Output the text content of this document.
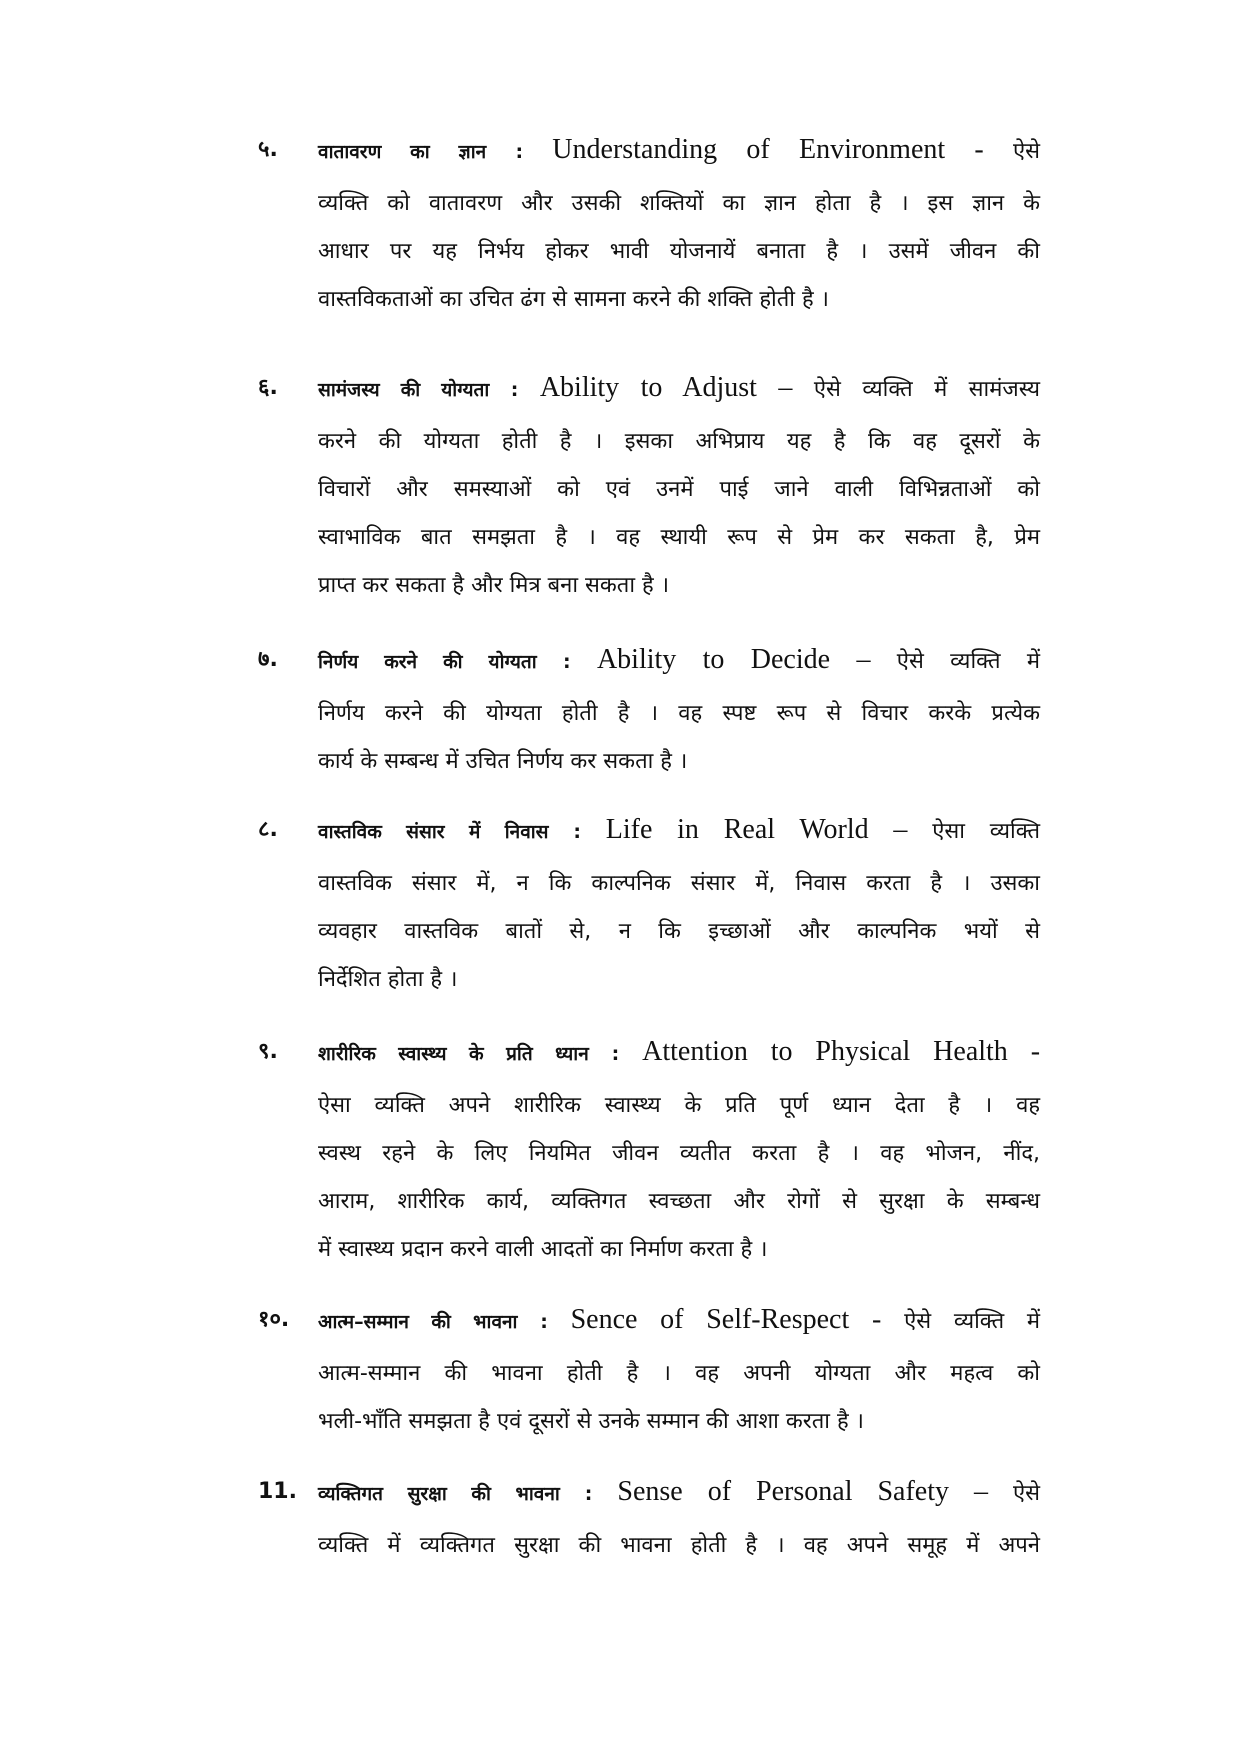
५. वातावरण का ज्ञान : Understanding of Environment - ऐसे
व्यक्ति को वातावरण और उसकी शक्तियों का ज्ञान होता है । इस ज्ञान के
आधार पर यह निर्भय होकर भावी योजनायें बनाता है । उसमें जीवन की
वास्तविकताओं का उचित ढंग से सामना करने की शक्ति होती है ।
६. सामंजस्य की योग्यता : Ability to Adjust – ऐसे व्यक्ति में सामंजस्य
करने की योग्यता होती है । इसका अभिप्राय यह है कि वह दूसरों के
विचारों और समस्याओं को एवं उनमें पाई जाने वाली विभिन्नताओं को
स्वाभाविक बात समझता है । वह स्थायी रूप से प्रेम कर सकता है, प्रेम
प्राप्त कर सकता है और मित्र बना सकता है ।
७. निर्णय करने की योग्यता : Ability to Decide – ऐसे व्यक्ति में
निर्णय करने की योग्यता होती है । वह स्पष्ट रूप से विचार करके प्रत्येक
कार्य के सम्बन्ध में उचित निर्णय कर सकता है ।
८. वास्तविक संसार में निवास : Life in Real World – ऐसा व्यक्ति
वास्तविक संसार में, न कि काल्पनिक संसार में, निवास करता है । उसका
व्यवहार वास्तविक बातों से, न कि इच्छाओं और काल्पनिक भयों से
निर्देशित होता है ।
९. शारीरिक स्वास्थ्य के प्रति ध्यान : Attention to Physical Health -
ऐसा व्यक्ति अपने शारीरिक स्वास्थ्य के प्रति पूर्ण ध्यान देता है । वह
स्वस्थ रहने के लिए नियमित जीवन व्यतीत करता है । वह भोजन, नींद,
आराम, शारीरिक कार्य, व्यक्तिगत स्वच्छता और रोगों से सुरक्षा के सम्बन्ध
में स्वास्थ्य प्रदान करने वाली आदतों का निर्माण करता है ।
१०. आत्म–सम्मान की भावना : Sence of Self-Respect - ऐसे व्यक्ति में
आत्म-सम्मान की भावना होती है । वह अपनी योग्यता और महत्व को
भली-भाँति समझता है एवं दूसरों से उनके सम्मान की आशा करता है ।
11. व्यक्तिगत सुरक्षा की भावना : Sense of Personal Safety – ऐसे
व्यक्ति में व्यक्तिगत सुरक्षा की भावना होती है । वह अपने समूह में अपने
